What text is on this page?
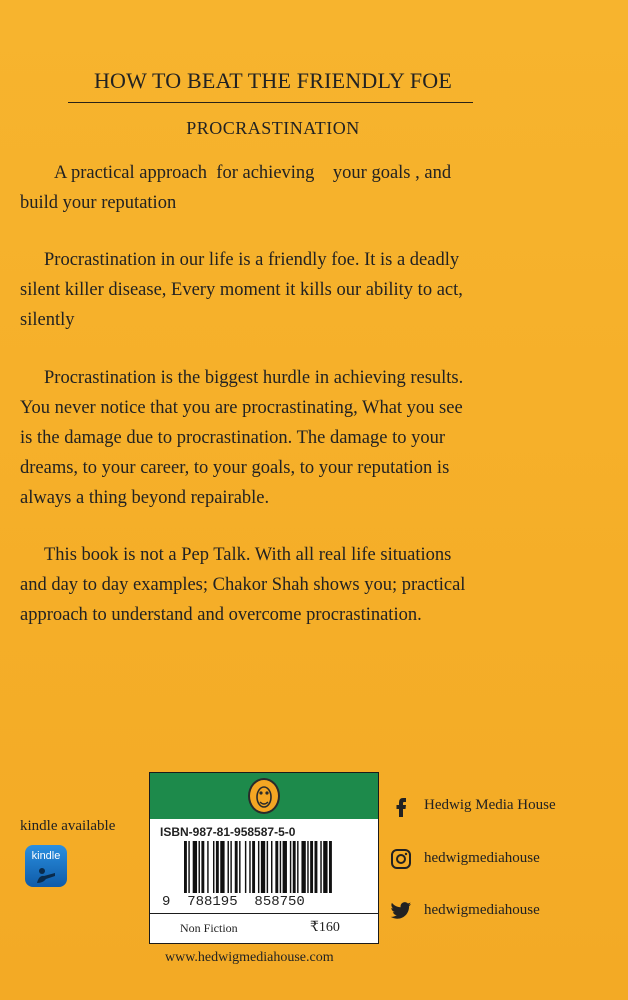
HOW TO BEAT THE FRIENDLY FOE
PROCRASTINATION
A practical approach  for achieving    your goals , and
build your reputation
Procrastination in our life is a friendly foe. It is a deadly
silent killer disease, Every moment it kills our ability to act,
silently
Procrastination is the biggest hurdle in achieving results.
You never notice that you are procrastinating, What you see
is the damage due to procrastination. The damage to your
dreams, to your career, to your goals, to your reputation is
always a thing beyond repairable.
This book is not a Pep Talk. With all real life situations
and day to day examples; Chakor Shah shows you; practical
approach to understand and overcome procrastination.
kindle available
kindle
ISBN-987-81-958587-5-0
9  788195  858750
Non Fiction	₹160
www.hedwigmediahouse.com
Hedwig Media House
hedwigmediahouse
hedwigmediahouse
